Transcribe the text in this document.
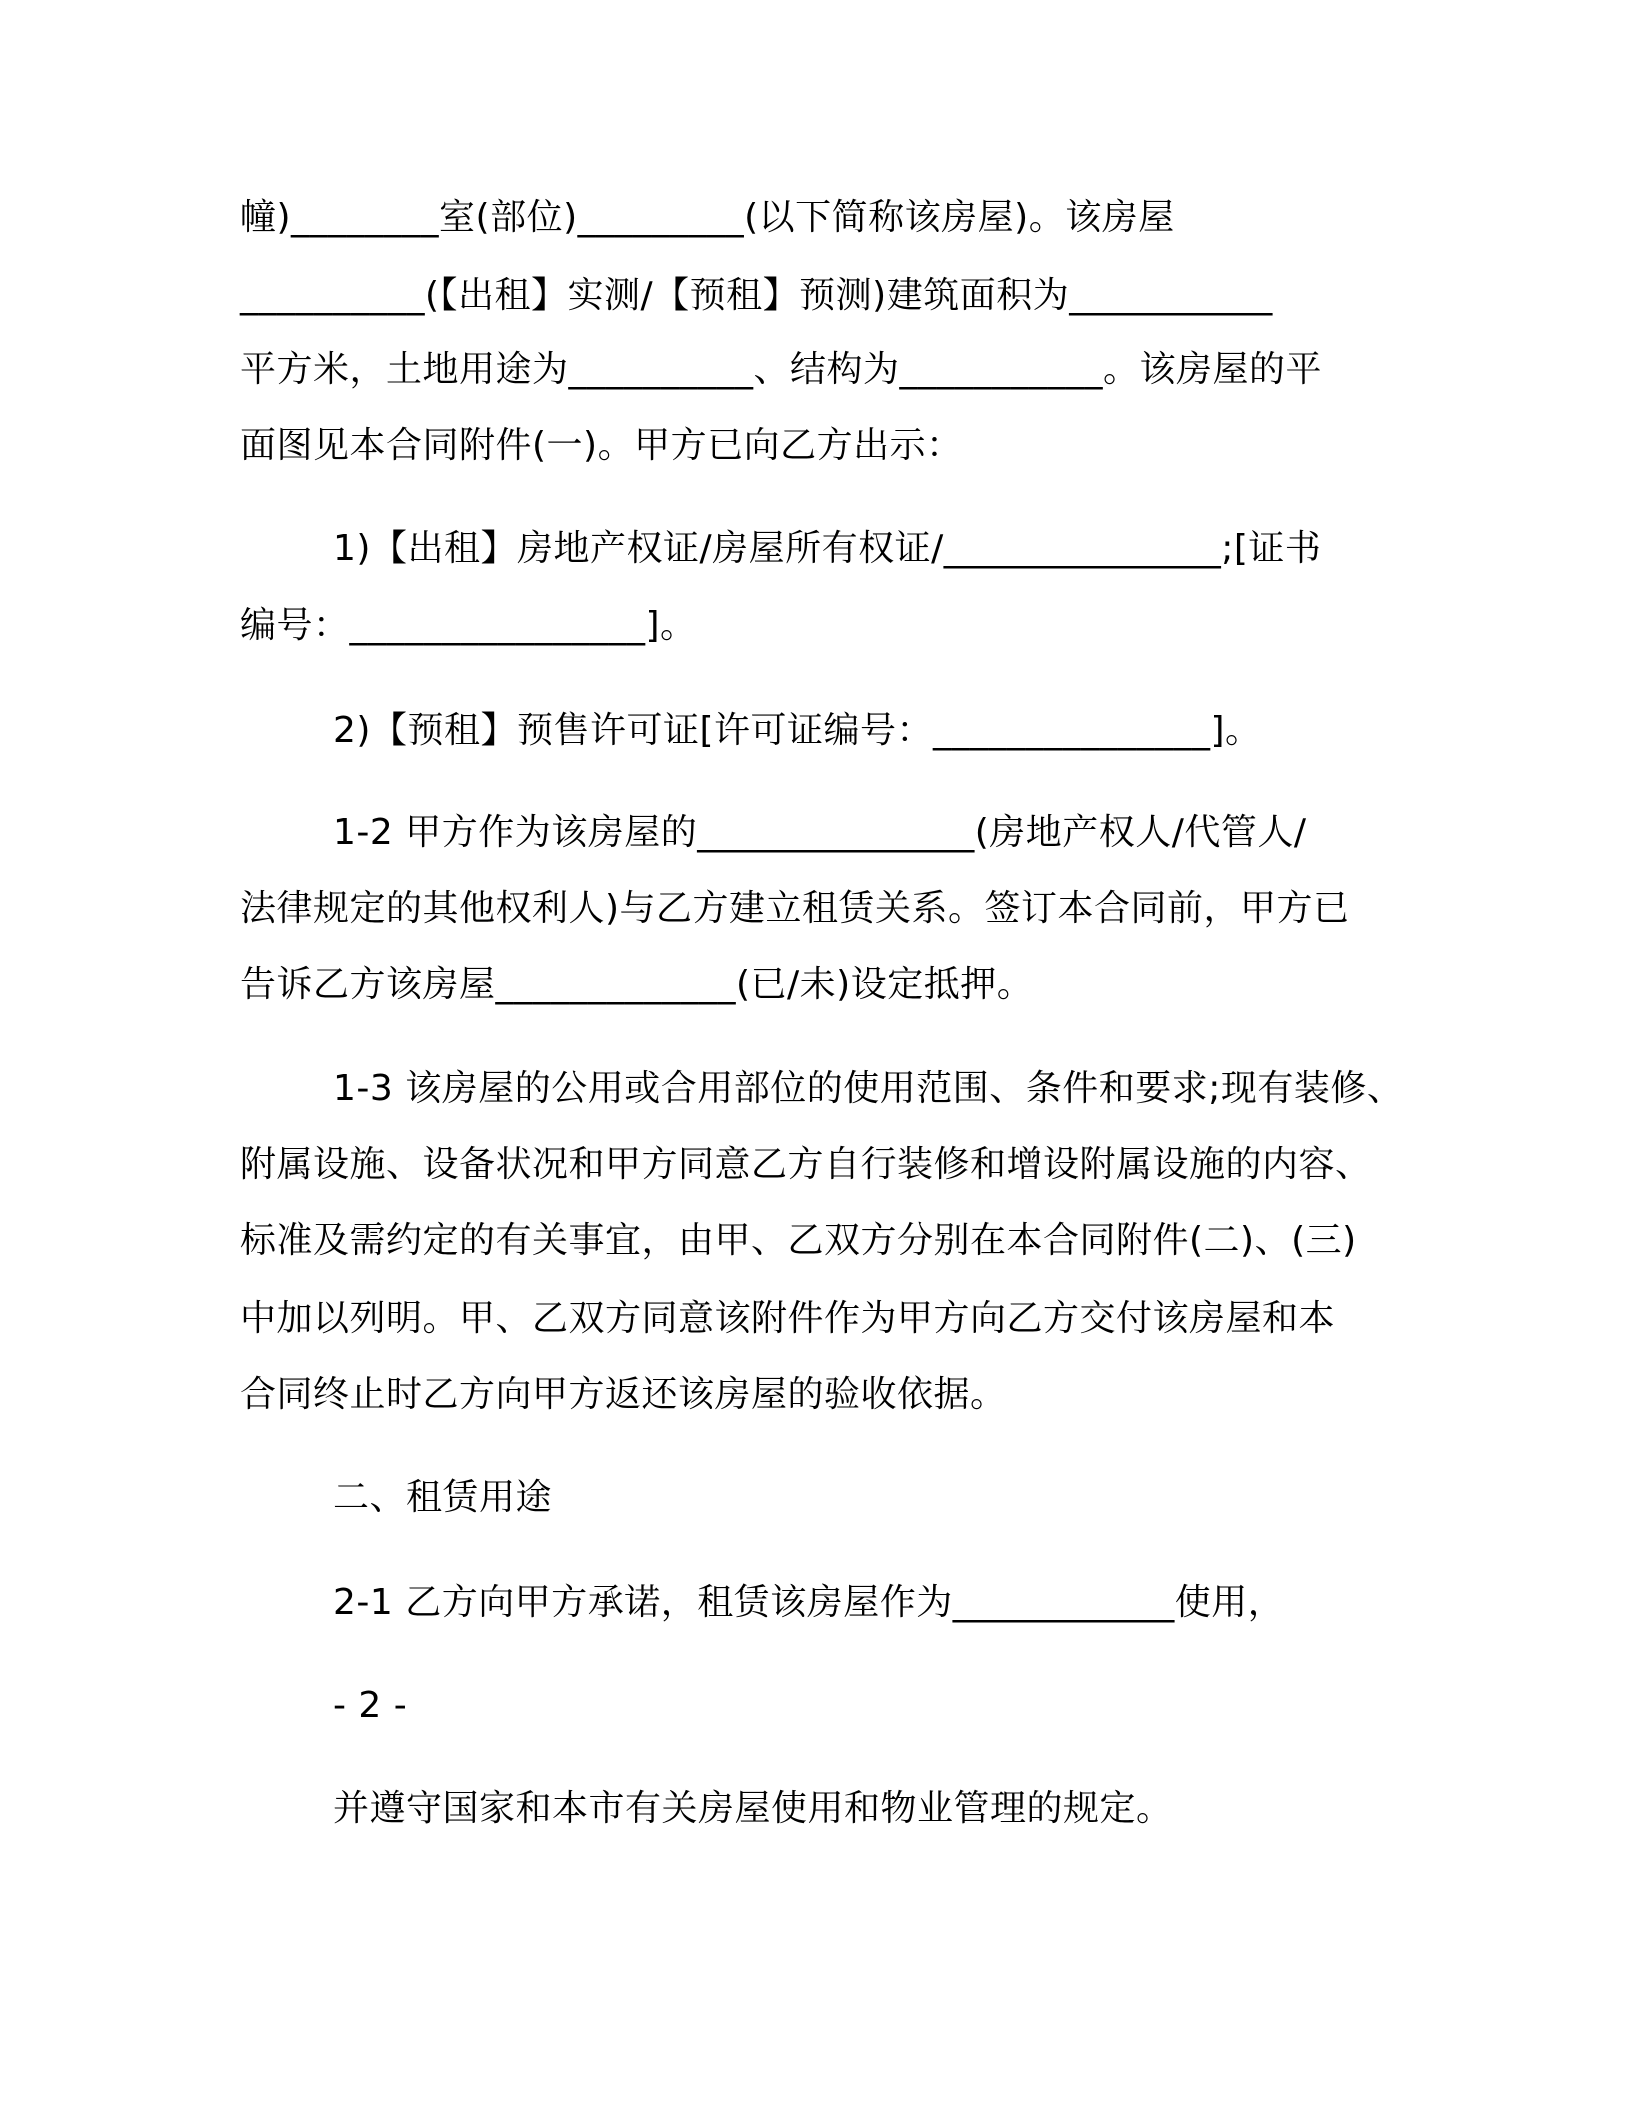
幢)________室(部位)_________(以下简称该房屋)。该房屋
__________(【出租】实测/【预租】预测)建筑面积为___________
平方米，土地用途为__________、结构为___________。该房屋的平
面图见本合同附件(一)。甲方已向乙方出示：
1)【出租】房地产权证/房屋所有权证/_______________;[证书
编号：________________]。
2)【预租】预售许可证[许可证编号：_______________]。
1-2 甲方作为该房屋的_______________(房地产权人/代管人/
法律规定的其他权利人)与乙方建立租赁关系。签订本合同前，甲方已
告诉乙方该房屋_____________(已/未)设定抵押。
1-3 该房屋的公用或合用部位的使用范围、条件和要求;现有装修、
附属设施、设备状况和甲方同意乙方自行装修和增设附属设施的内容、
标准及需约定的有关事宜，由甲、乙双方分别在本合同附件(二)、(三)
中加以列明。甲、乙双方同意该附件作为甲方向乙方交付该房屋和本
合同终止时乙方向甲方返还该房屋的验收依据。
二、租赁用途
2-1 乙方向甲方承诺，租赁该房屋作为____________使用，
- 2 -
并遵守国家和本市有关房屋使用和物业管理的规定。
